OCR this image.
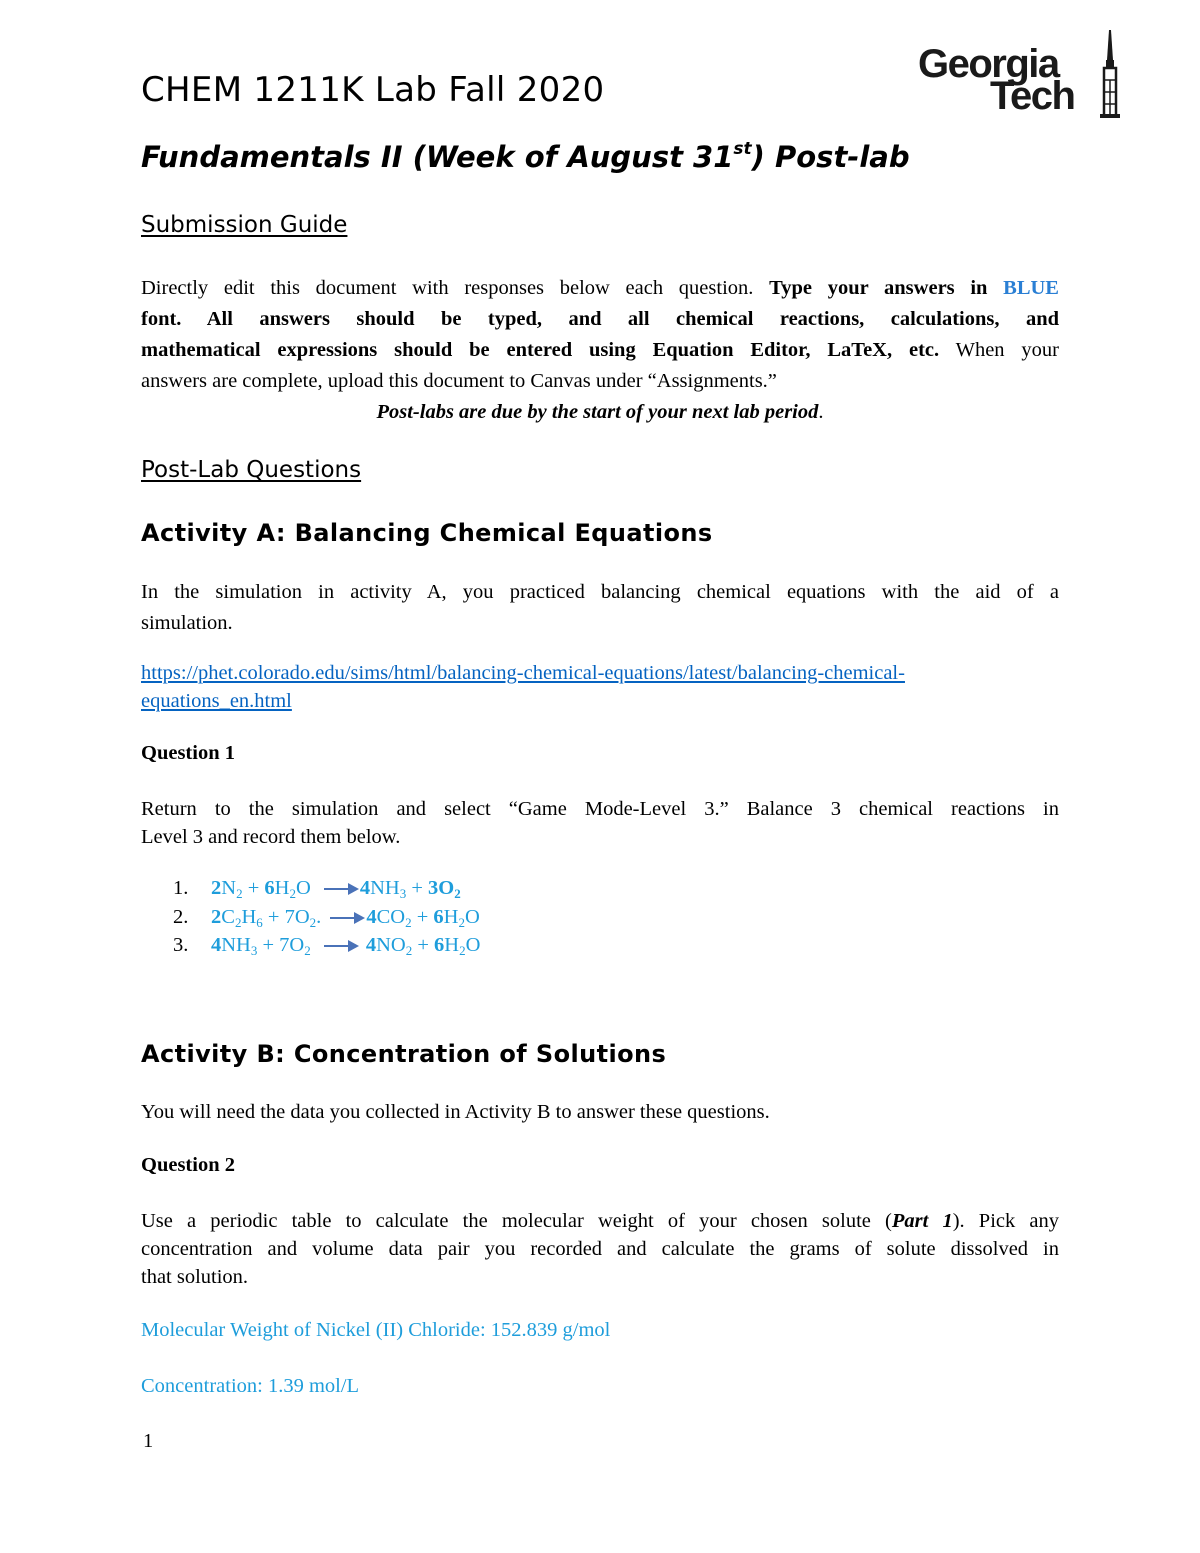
CHEM 1211K Lab Fall 2020
Fundamentals II (Week of August 31st) Post-lab
Georgia
Tech
Submission Guide
Directly edit this document with responses below each question. Type your answers in BLUE
font. All answers should be typed, and all chemical reactions, calculations, and
mathematical expressions should be entered using Equation Editor, LaTeX, etc. When your
answers are complete, upload this document to Canvas under “Assignments.”
Post-labs are due by the start of your next lab period.
Post-Lab Questions
Activity A: Balancing Chemical Equations
In the simulation in activity A, you practiced balancing chemical equations with the aid of a
simulation.
https://phet.colorado.edu/sims/html/balancing-chemical-equations/latest/balancing-chemical-
equations_en.html
Question 1
Return to the simulation and select “Game Mode-Level 3.” Balance 3 chemical reactions in
Level 3 and record them below.
1. $2N_2 + 6H_2O \to 4NH_3 + 3O_2$
2. $2C_2H_6 + 7O_2$. $\to 4CO_2 + 6H_2O$
3. $4NH_3 + 7O_2 \to 4NO_2 + 6H_2O$
Activity B: Concentration of Solutions
You will need the data you collected in Activity B to answer these questions.
Question 2
Use a periodic table to calculate the molecular weight of your chosen solute (Part 1). Pick any
concentration and volume data pair you recorded and calculate the grams of solute dissolved in
that solution.
Molecular Weight of Nickel (II) Chloride: 152.839 g/mol
Concentration: 1.39 mol/L
1
